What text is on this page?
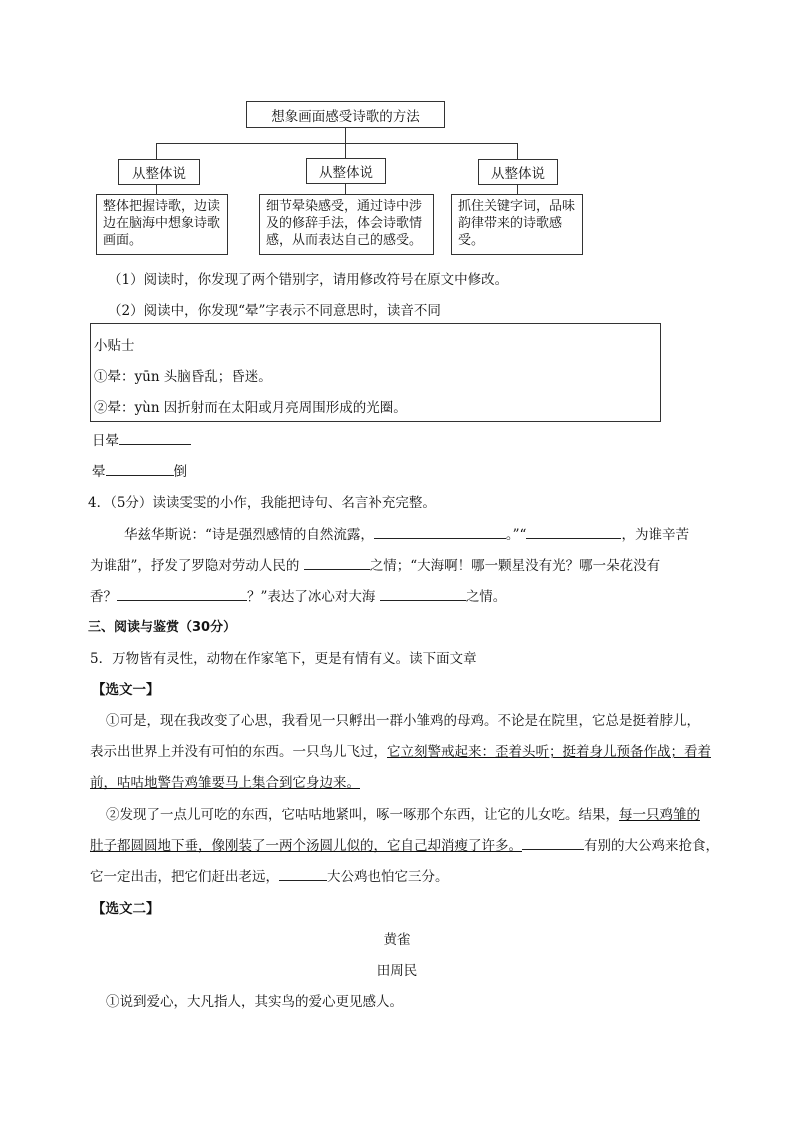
想象画面感受诗歌的方法
从整体说	从整体说	从整体说
整体把握诗歌，边读边在脑海中想象诗歌画面。
细节晕染感受，通过诗中涉及的修辞手法，体会诗歌情感，从而表达自己的感受。
抓住关键字词，品味韵律带来的诗歌感受。
（1）阅读时，你发现了两个错别字，请用修改符号在原文中修改。
（2）阅读中，你发现“晕”字表示不同意思时，读音不同
小贴士
①晕：yūn 头脑昏乱；昏迷。
②晕：yùn 因折射而在太阳或月亮周围形成的光圈。
日晕
晕	倒
4．（5分）读读雯雯的小作，我能把诗句、名言补充完整。
华兹华斯说：“诗是强烈感情的自然流露，	。”“	，为谁辛苦
为谁甜”，抒发了罗隐对劳动人民的	之情；“大海啊！哪一颗星没有光？哪一朵花没有
香？	？”表达了冰心对大海	之情。
三、阅读与鉴赏（30分）
5．万物皆有灵性，动物在作家笔下，更是有情有义。读下面文章
【选文一】
①可是，现在我改变了心思，我看见一只孵出一群小雏鸡的母鸡。不论是在院里，它总是挺着脖儿，
表示出世界上并没有可怕的东西。一只鸟儿飞过，它立刻警戒起来：歪着头听；挺着身儿预备作战；看着
前，咕咕地警告鸡雏要马上集合到它身边来。
②发现了一点儿可吃的东西，它咕咕地紧叫，啄一啄那个东西，让它的儿女吃。结果，每一只鸡雏的
肚子都圆圆地下垂，像刚装了一两个汤圆儿似的，它自己却消瘦了许多。	有别的大公鸡来抢食，
它一定出击，把它们赶出老远，	大公鸡也怕它三分。
【选文二】
黄雀
田周民
①说到爱心，大凡指人，其实鸟的爱心更见感人。
